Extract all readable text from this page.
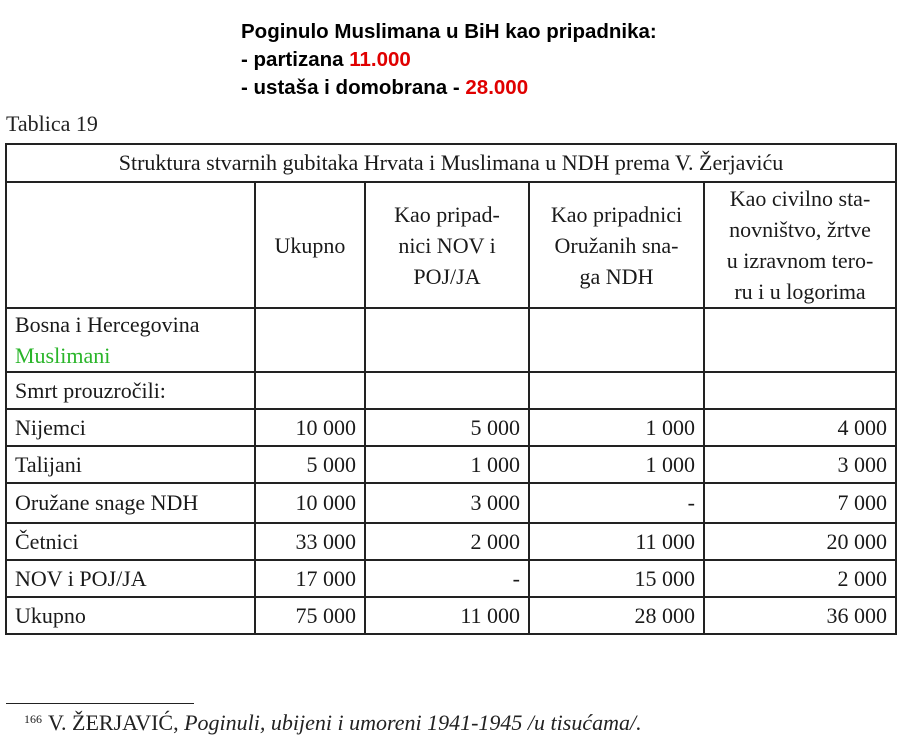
Poginulo Muslimana u BiH kao pripadnika:
- partizana 11.000
- ustaša i domobrana - 28.000
Tablica 19
Struktura stvarnih gubitaka Hrvata i Muslimana u NDH prema V. Žerjaviću				
	Ukupno	Kao pripad-
nici NOV i
POJ/JA	Kao pripadnici
Oružanih sna-
ga NDH	Kao civilno sta-
novništvo, žrtve
u izravnom tero-
ru i u logorima

Bosna i Hercegovina
Muslimani				

Smrt prouzročili:				
Nijemci	10 000	5 000	1 000	4 000
Talijani	5 000	1 000	1 000	3 000
Oružane snage NDH	10 000	3 000	-	7 000
Četnici	33 000	2 000	11 000	20 000
NOV i POJ/JA	17 000	-	15 000	2 000
Ukupno	75 000	11 000	28 000	36 000
$^{166}$ V. ŽERJAVIĆ, Poginuli, ubijeni i umoreni 1941-1945 /u tisućama/.
